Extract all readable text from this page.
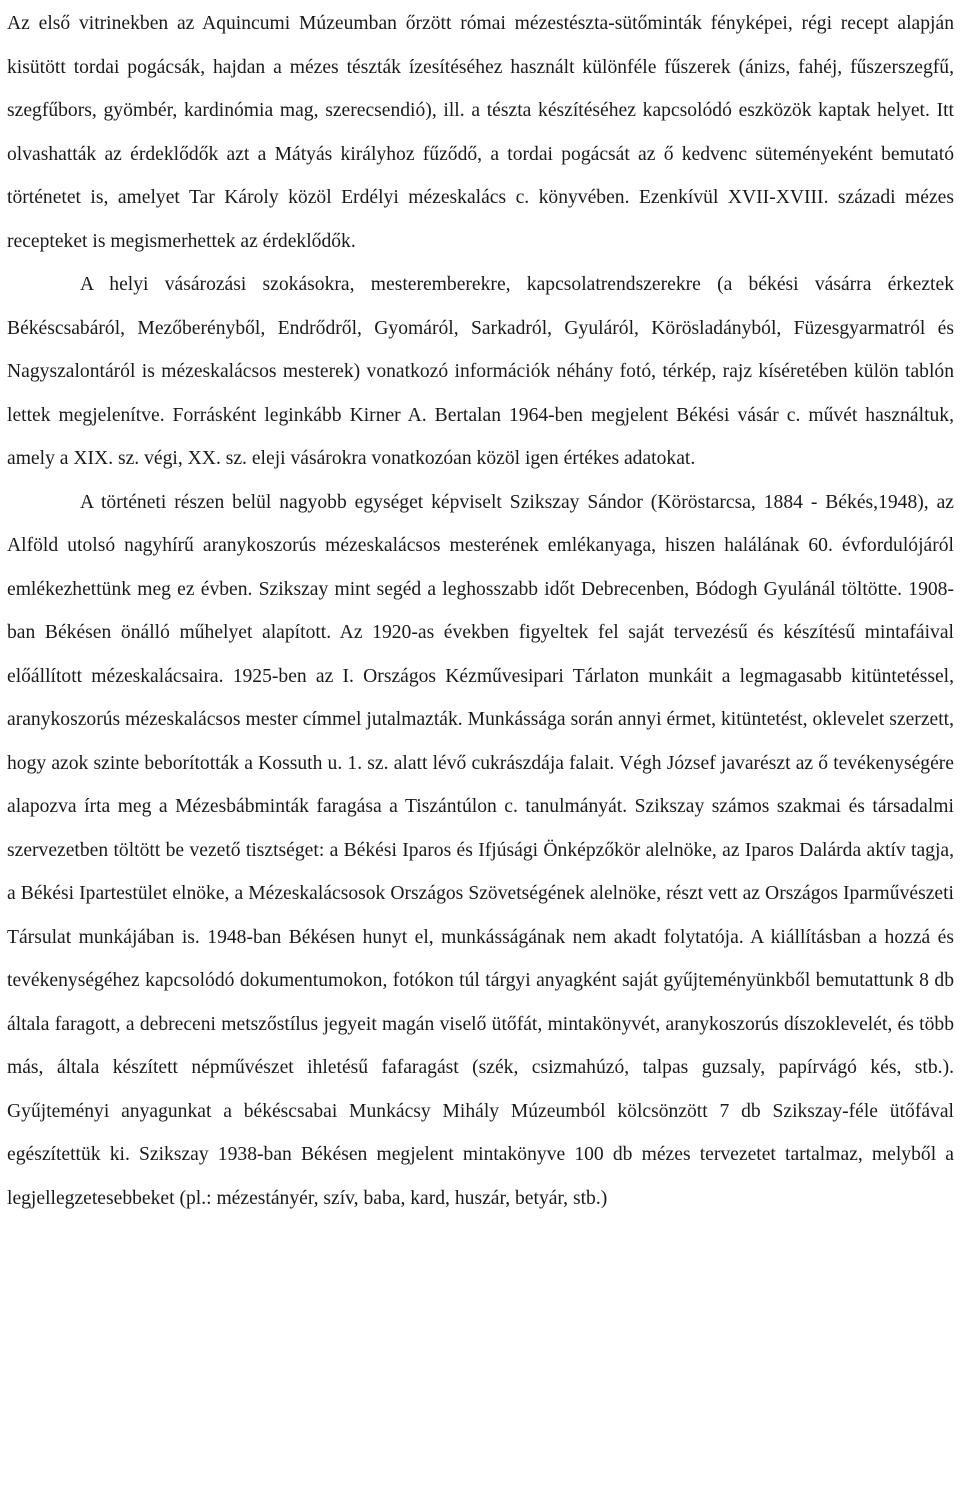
Az első vitrinekben az Aquincumi Múzeumban őrzött római mézestészta-sütőminták fényképei, régi recept alapján kisütött tordai pogácsák, hajdan a mézes tészták ízesítéséhez használt különféle fűszerek (ánizs, fahéj, fűszerszegfű, szegfűbors, gyömbér, kardinómia mag, szerecsendió), ill. a tészta készítéséhez kapcsolódó eszközök kaptak helyet. Itt olvashatták az érdeklődők azt a Mátyás királyhoz fűződő, a tordai pogácsát az ő kedvenc süteményeként bemutató történetet is, amelyet Tar Károly közöl Erdélyi mézeskalács c. könyvében. Ezenkívül XVII-XVIII. századi mézes recepteket is megismerhettek az érdeklődők.

A helyi vásározási szokásokra, mesteremberekre, kapcsolatrendszerekre (a békési vásárra érkeztek Békéscsabáról, Mezőberényből, Endrődről, Gyomáról, Sarkadról, Gyuláról, Körösladányból, Füzesgyarmatról és Nagyszalontáról is mézeskalácsos mesterek) vonatkozó információk néhány fotó, térkép, rajz kíséretében külön tablón lettek megjelenítve. Forrásként leginkább Kirner A. Bertalan 1964-ben megjelent Békési vásár c. művét használtuk, amely a XIX. sz. végi, XX. sz. eleji vásárokra vonatkozóan közöl igen értékes adatokat.

A történeti részen belül nagyobb egységet képviselt Szikszay Sándor (Köröstarcsa, 1884 - Békés,1948), az Alföld utolsó nagyhírű aranykoszorús mézeskalácsos mesterének emlékanyaga, hiszen halálának 60. évfordulójáról emlékezhettünk meg ez évben. Szikszay mint segéd a leghosszabb időt Debrecenben, Bódogh Gyulánál töltötte. 1908-ban Békésen önálló műhelyet alapított. Az 1920-as években figyeltek fel saját tervezésű és készítésű mintafáival előállított mézeskalácsaira. 1925-ben az I. Országos Kézművesipari Tárlaton munkáit a legmagasabb kitüntetéssel, aranykoszorús mézeskalácsos mester címmel jutalmazták. Munkássága során annyi érmet, kitüntetést, oklevelet szerzett, hogy azok szinte beborították a Kossuth u. 1. sz. alatt lévő cukrászdája falait. Végh József javarészt az ő tevékenységére alapozva írta meg a Mézesbábminták faragása a Tiszántúlon c. tanulmányát. Szikszay számos szakmai és társadalmi szervezetben töltött be vezető tisztséget: a Békési Iparos és Ifjúsági Önképzőkör alelnöke, az Iparos Dalárda aktív tagja, a Békési Ipartestület elnöke, a Mézeskalácsosok Országos Szövetségének alelnöke, részt vett az Országos Iparművészeti Társulat munkájában is. 1948-ban Békésen hunyt el, munkásságának nem akadt folytatója. A kiállításban a hozzá és tevékenységéhez kapcsolódó dokumentumokon, fotókon túl tárgyi anyagként saját gyűjteményünkből bemutattunk 8 db általa faragott, a debreceni metszőstílus jegyeit magán viselő ütőfát, mintakönyvét, aranykoszorús díszoklevelét, és több más, általa készített népművészet ihletésű fafaragást (szék, csizmahúzó, talpas guzsaly, papírvágó kés, stb.). Gyűjteményi anyagunkat a békéscsabai Munkácsy Mihály Múzeumból kölcsönzött 7 db Szikszay-féle ütőfával egészítettük ki. Szikszay 1938-ban Békésen megjelent mintakönyve 100 db mézes tervezetet tartalmaz, melyből a legjellegzetesebbeket (pl.: mézestányér, szív, baba, kard, huszár, betyár, stb.)
